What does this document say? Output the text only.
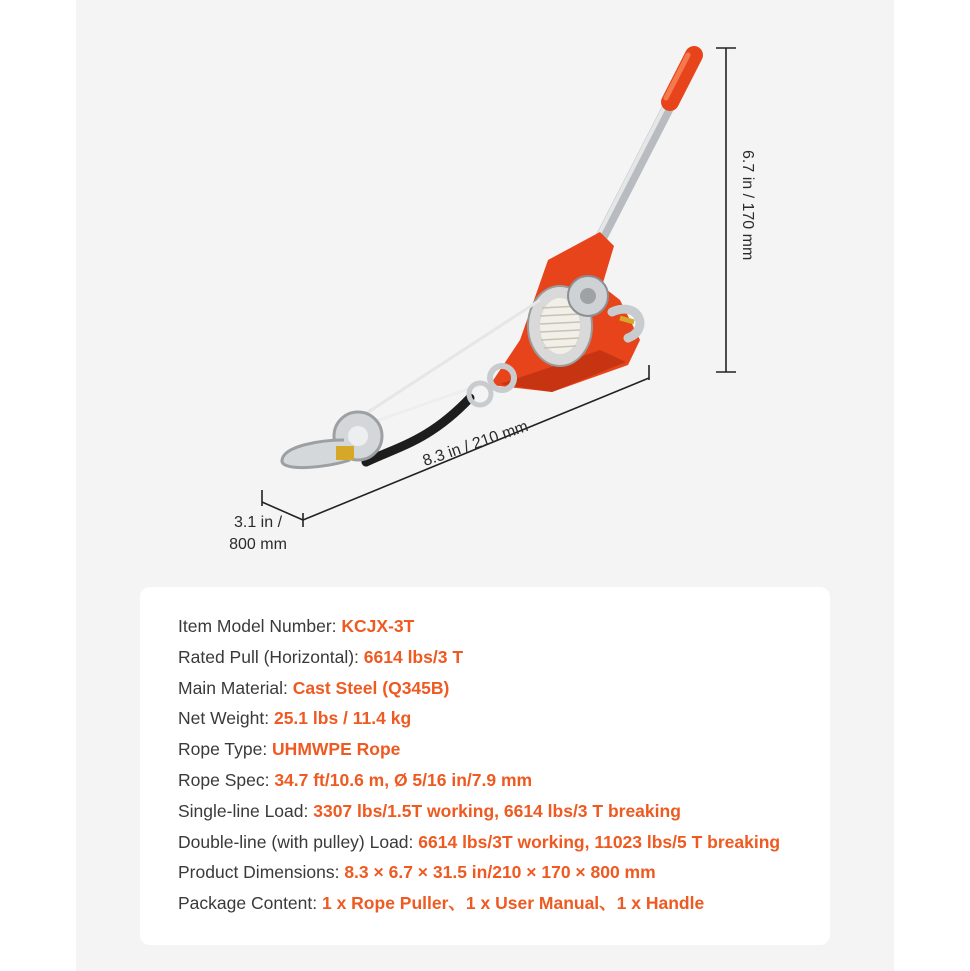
8.3 in / 210 mm
6.7 in / 170 mm
3.1 in /
800 mm
Item Model Number: KCJX-3T
Rated Pull (Horizontal): 6614 lbs/3 T
Main Material: Cast Steel (Q345B)
Net Weight: 25.1 lbs / 11.4 kg
Rope Type: UHMWPE Rope
Rope Spec: 34.7 ft/10.6 m, Ø 5/16 in/7.9 mm
Single-line Load: 3307 lbs/1.5T working, 6614 lbs/3 T breaking
Double-line (with pulley) Load: 6614 lbs/3T working, 11023 lbs/5 T breaking
Product Dimensions: 8.3 × 6.7 × 31.5 in/210 × 170 × 800 mm
Package Content: 1 x Rope Puller、1 x User Manual、1 x Handle
